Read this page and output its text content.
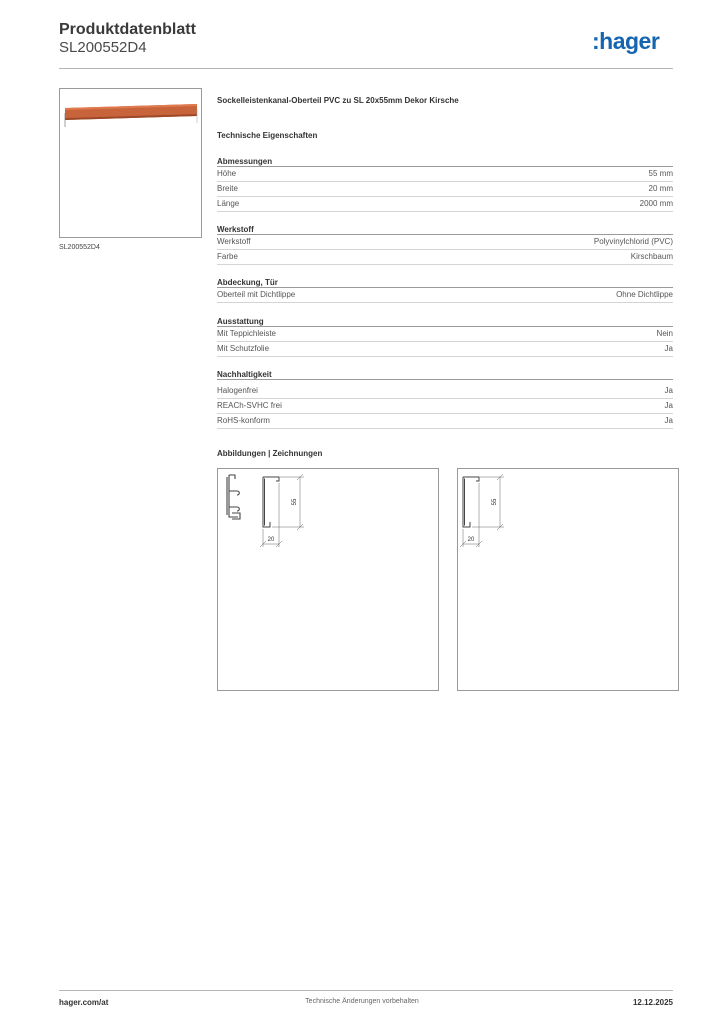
Produktdatenblatt
SL200552D4	:hager
SL200552D4
Sockelleistenkanal-Oberteil PVC zu SL 20x55mm Dekor Kirsche
Technische Eigenschaften
Abmessungen
Höhe	55 mm
Breite	20 mm
Länge	2000 mm
Werkstoff
Werkstoff	Polyvinylchlorid (PVC)
Farbe	Kirschbaum
Abdeckung, Tür
Oberteil mit Dichtlippe	Ohne Dichtlippe
Ausstattung
Mit Teppichleiste	Nein
Mit Schutzfolie	Ja
Nachhaltigkeit
Halogenfrei	Ja
REACh-SVHC frei	Ja
RoHS-konform	Ja
Abbildungen | Zeichnungen
55
20
55
20
hager.com/at	Technische Änderungen vorbehalten	12.12.2025
